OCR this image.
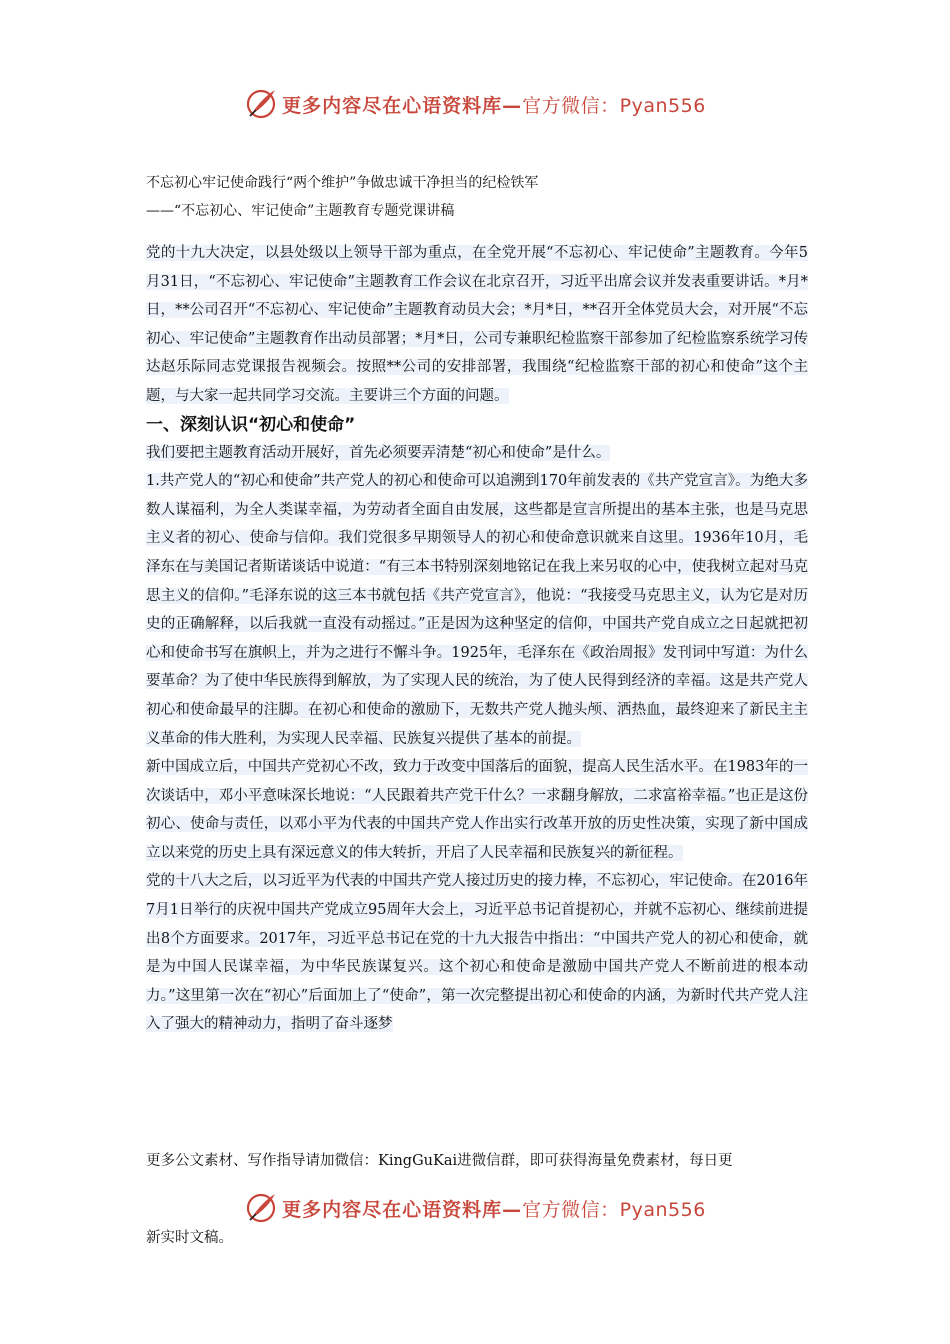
更多内容尽在心语资料库— 官方微信：Pyan556
不忘初心牢记使命践行“两个维护”争做忠诚干净担当的纪检铁军
——“不忘初心、牢记使命”主题教育专题党课讲稿

党的十九大决定，以县处级以上领导干部为重点，在全党开展“不忘初心、牢记使命”主题教育。今年5月31日，“不忘初心、牢记使命”主题教育工作会议在北京召开，习近平出席会议并发表重要讲话。*月*日，**公司召开“不忘初心、牢记使命”主题教育动员大会；*月*日，**召开全体党员大会，对开展“不忘初心、牢记使命”主题教育作出动员部署；*月*日，公司专兼职纪检监察干部参加了纪检监察系统学习传达赵乐际同志党课报告视频会。按照**公司的安排部署，我围绕“纪检监察干部的初心和使命”这个主题，与大家一起共同学习交流。主要讲三个方面的问题。

一、深刻认识“初心和使命”

我们要把主题教育活动开展好，首先必须要弄清楚“初心和使命”是什么。

1.共产党人的“初心和使命”共产党人的初心和使命可以追溯到170年前发表的《共产党宣言》。为绝大多数人谋福利，为全人类谋幸福，为劳动者全面自由发展，这些都是宣言所提出的基本主张，也是马克思主义者的初心、使命与信仰。我们党很多早期领导人的初心和使命意识就来自这里。1936年10月，毛泽东在与美国记者斯诺谈话中说道：“有三本书特别深刻地铭记在我上来另収的心中，使我树立起对马克思主义的信仰。”毛泽东说的这三本书就包括《共产党宣言》，他说：“我接受马克思主义，认为它是对历史的正确解释，以后我就一直没有动摇过。”正是因为这种坚定的信仰，中国共产党自成立之日起就把初心和使命书写在旗帜上，并为之进行不懈斗争。1925年，毛泽东在《政治周报》发刊词中写道：为什么要革命？为了使中华民族得到解放，为了实现人民的统治，为了使人民得到经济的幸福。这是共产党人初心和使命最早的注脚。在初心和使命的激励下，无数共产党人抛头颅、洒热血，最终迎来了新民主主义革命的伟大胜利，为实现人民幸福、民族复兴提供了基本的前提。

新中国成立后，中国共产党初心不改，致力于改变中国落后的面貌，提高人民生活水平。在1983年的一次谈话中，邓小平意味深长地说：“人民跟着共产党干什么？一求翻身解放，二求富裕幸福。”也正是这份初心、使命与责任，以邓小平为代表的中国共产党人作出实行改革开放的历史性决策，实现了新中国成立以来党的历史上具有深远意义的伟大转折，开启了人民幸福和民族复兴的新征程。

党的十八大之后，以习近平为代表的中国共产党人接过历史的接力棒，不忘初心，牢记使命。在2016年7月1日举行的庆祝中国共产党成立95周年大会上，习近平总书记首提初心，并就不忘初心、继续前进提出8个方面要求。2017年，习近平总书记在党的十九大报告中指出：“中国共产党人的初心和使命，就是为中国人民谋幸福，为中华民族谋复兴。这个初心和使命是激励中国共产党人不断前进的根本动力。”这里第一次在“初心”后面加上了“使命”，第一次完整提出初心和使命的内涵，为新时代共产党人注入了强大的精神动力，指明了奋斗逐梦

更多公文素材、写作指导请加微信：KingGuKai进微信群，即可获得海量免费素材，每日更
更多内容尽在心语资料库— 官方微信：Pyan556
新实时文稿。
